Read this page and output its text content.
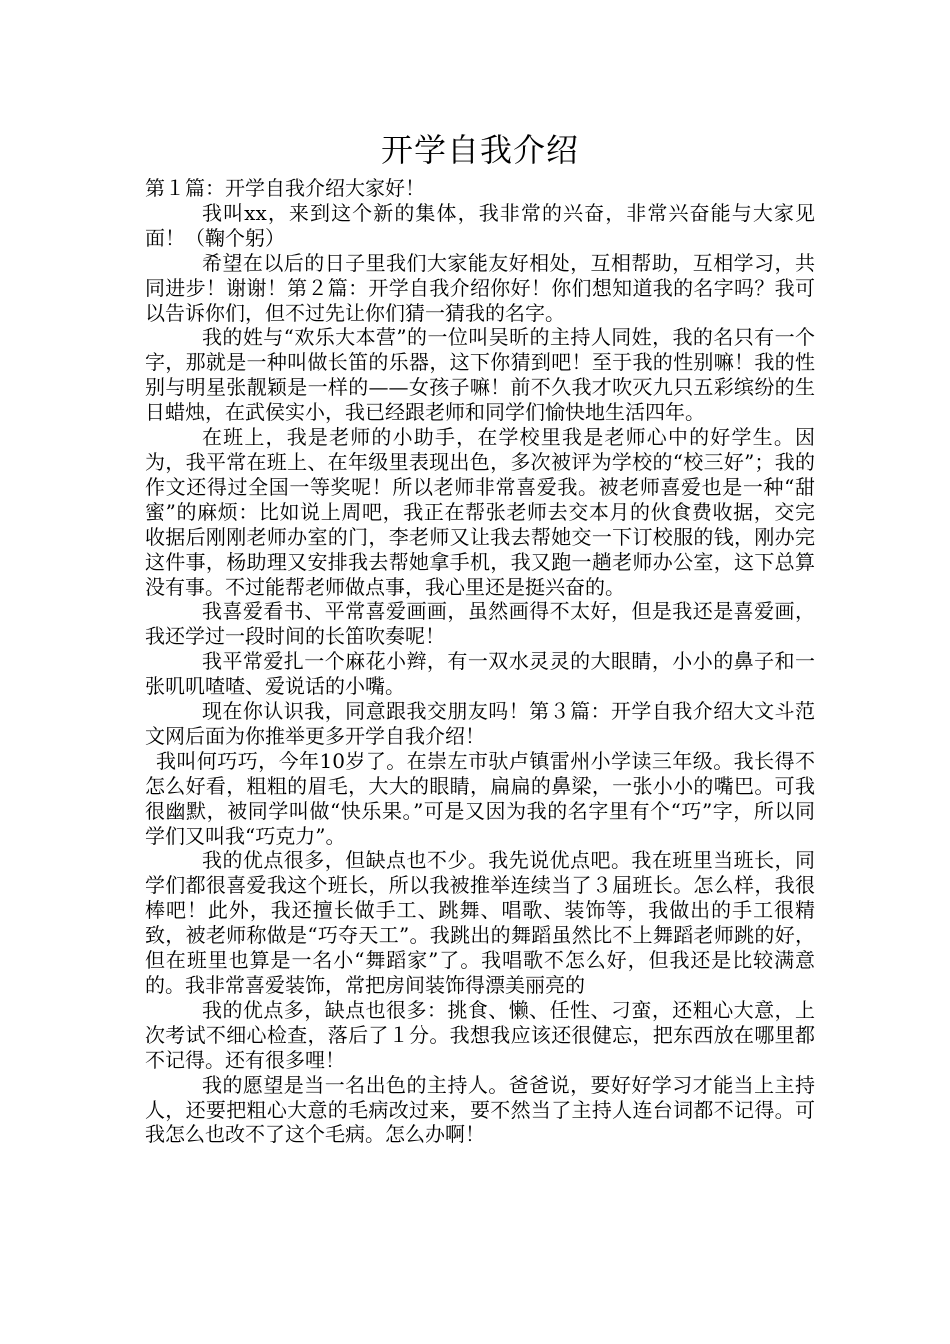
开学自我介绍

第１篇：开学自我介绍大家好！

我叫xx，来到这个新的集体，我非常的兴奋，非常兴奋能与大家见面！（鞠个躬）

希望在以后的日子里我们大家能友好相处，互相帮助，互相学习，共同进步！谢谢！第２篇：开学自我介绍你好！你们想知道我的名字吗？我可以告诉你们，但不过先让你们猜一猜我的名字。

我的姓与“欢乐大本营”的一位叫吴昕的主持人同姓，我的名只有一个字，那就是一种叫做长笛的乐器，这下你猜到吧！至于我的性别嘛！我的性别与明星张靓颖是一样的——女孩子嘛！前不久我才吹灭九只五彩缤纷的生日蜡烛，在武侯实小，我已经跟老师和同学们愉快地生活四年。

在班上，我是老师的小助手，在学校里我是老师心中的好学生。因为，我平常在班上、在年级里表现出色，多次被评为学校的“校三好”；我的作文还得过全国一等奖呢！所以老师非常喜爱我。被老师喜爱也是一种“甜蜜”的麻烦：比如说上周吧，我正在帮张老师去交本月的伙食费收据，交完收据后刚刚老师办室的门，李老师又让我去帮她交一下订校服的钱，刚办完这件事，杨助理又安排我去帮她拿手机，我又跑一趟老师办公室，这下总算没有事。不过能帮老师做点事，我心里还是挺兴奋的。

我喜爱看书、平常喜爱画画，虽然画得不太好，但是我还是喜爱画，我还学过一段时间的长笛吹奏呢！

我平常爱扎一个麻花小辫，有一双水灵灵的大眼睛，小小的鼻子和一张叽叽喳喳、爱说话的小嘴。

现在你认识我，同意跟我交朋友吗！第３篇：开学自我介绍大文斗范文网后面为你推举更多开学自我介绍！

我叫何巧巧，今年10岁了。在崇左市驮卢镇雷州小学读三年级。我长得不怎么好看，粗粗的眉毛，大大的眼睛，扁扁的鼻梁，一张小小的嘴巴。可我很幽默，被同学叫做“快乐果。”可是又因为我的名字里有个“巧”字，所以同学们又叫我“巧克力”。

我的优点很多，但缺点也不少。我先说优点吧。我在班里当班长，同学们都很喜爱我这个班长，所以我被推举连续当了３届班长。怎么样，我很棒吧！此外，我还擅长做手工、跳舞、唱歌、装饰等，我做出的手工很精致，被老师称做是“巧夺天工”。我跳出的舞蹈虽然比不上舞蹈老师跳的好，但在班里也算是一名小“舞蹈家”了。我唱歌不怎么好，但我还是比较满意的。我非常喜爱装饰，常把房间装饰得漂美丽亮的

我的优点多，缺点也很多：挑食、懒、任性、刁蛮，还粗心大意，上次考试不细心检查，落后了１分。我想我应该还很健忘，把东西放在哪里都不记得。还有很多哩！

我的愿望是当一名出色的主持人。爸爸说，要好好学习才能当上主持人，还要把粗心大意的毛病改过来，要不然当了主持人连台词都不记得。可我怎么也改不了这个毛病。怎么办啊！
